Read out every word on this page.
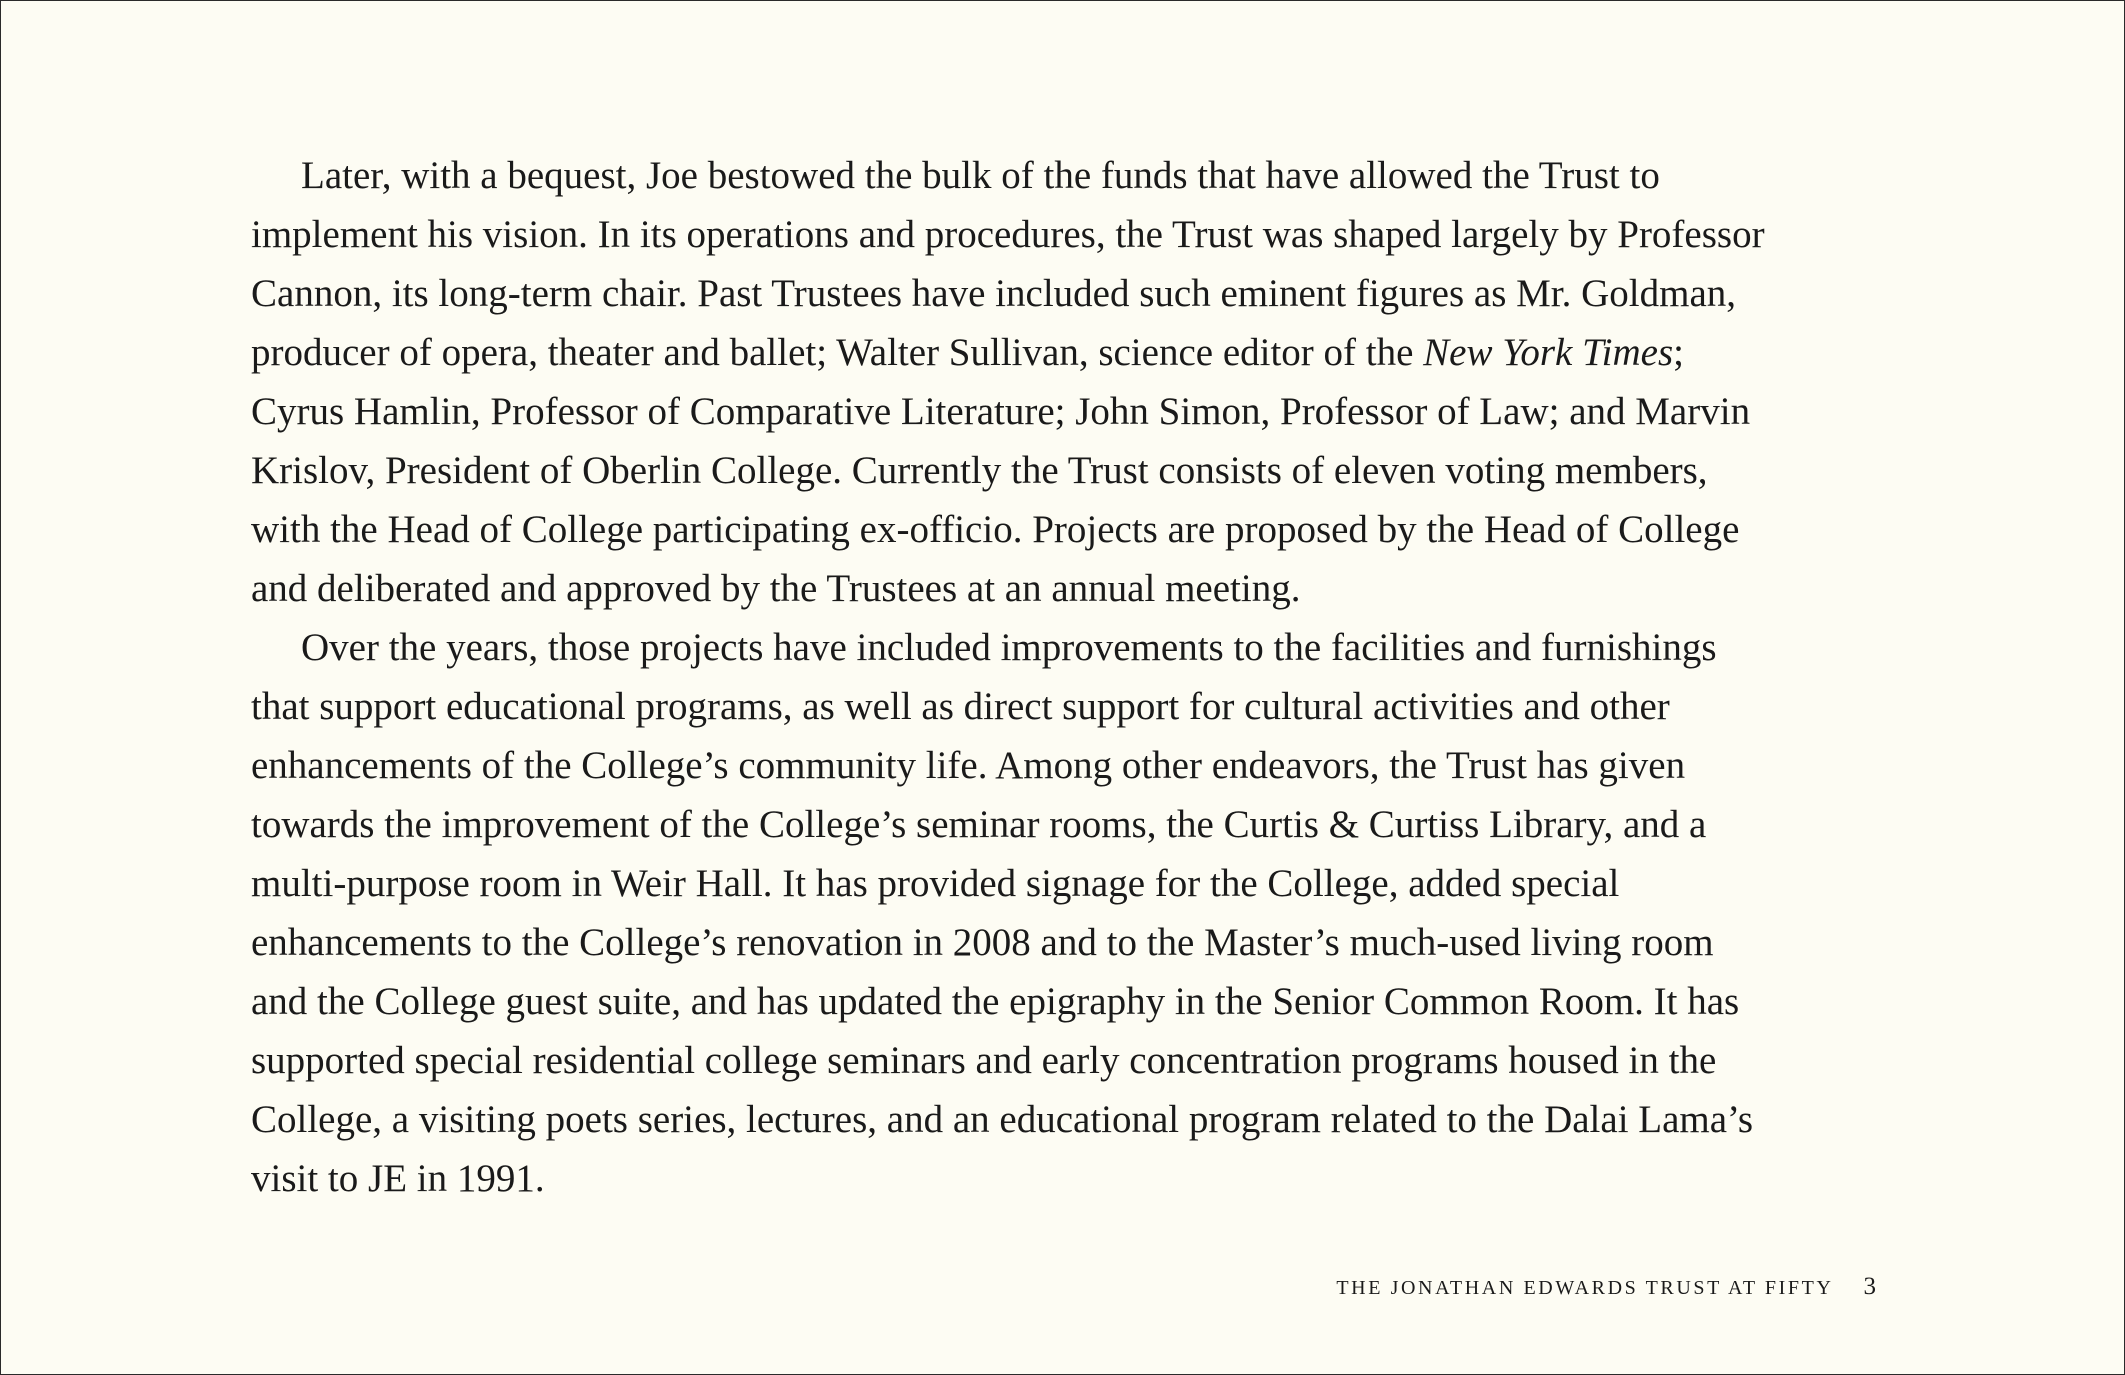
Later, with a bequest, Joe bestowed the bulk of the funds that have allowed the Trust to
implement his vision. In its operations and procedures, the Trust was shaped largely by Professor
Cannon, its long-term chair. Past Trustees have included such eminent figures as Mr. Goldman,
producer of opera, theater and ballet; Walter Sullivan, science editor of the New York Times;
Cyrus Hamlin, Professor of Comparative Literature; John Simon, Professor of Law; and Marvin
Krislov, President of Oberlin College. Currently the Trust consists of eleven voting members,
with the Head of College participating ex-officio. Projects are proposed by the Head of College
and deliberated and approved by the Trustees at an annual meeting.
Over the years, those projects have included improvements to the facilities and furnishings
that support educational programs, as well as direct support for cultural activities and other
enhancements of the College’s community life. Among other endeavors, the Trust has given
towards the improvement of the College’s seminar rooms, the Curtis & Curtiss Library, and a
multi-purpose room in Weir Hall. It has provided signage for the College, added special
enhancements to the College’s renovation in 2008 and to the Master’s much-used living room
and the College guest suite, and has updated the epigraphy in the Senior Common Room. It has
supported special residential college seminars and early concentration programs housed in the
College, a visiting poets series, lectures, and an educational program related to the Dalai Lama’s
visit to JE in 1991.
THE JONATHAN EDWARDS TRUST AT FIFTY 3
